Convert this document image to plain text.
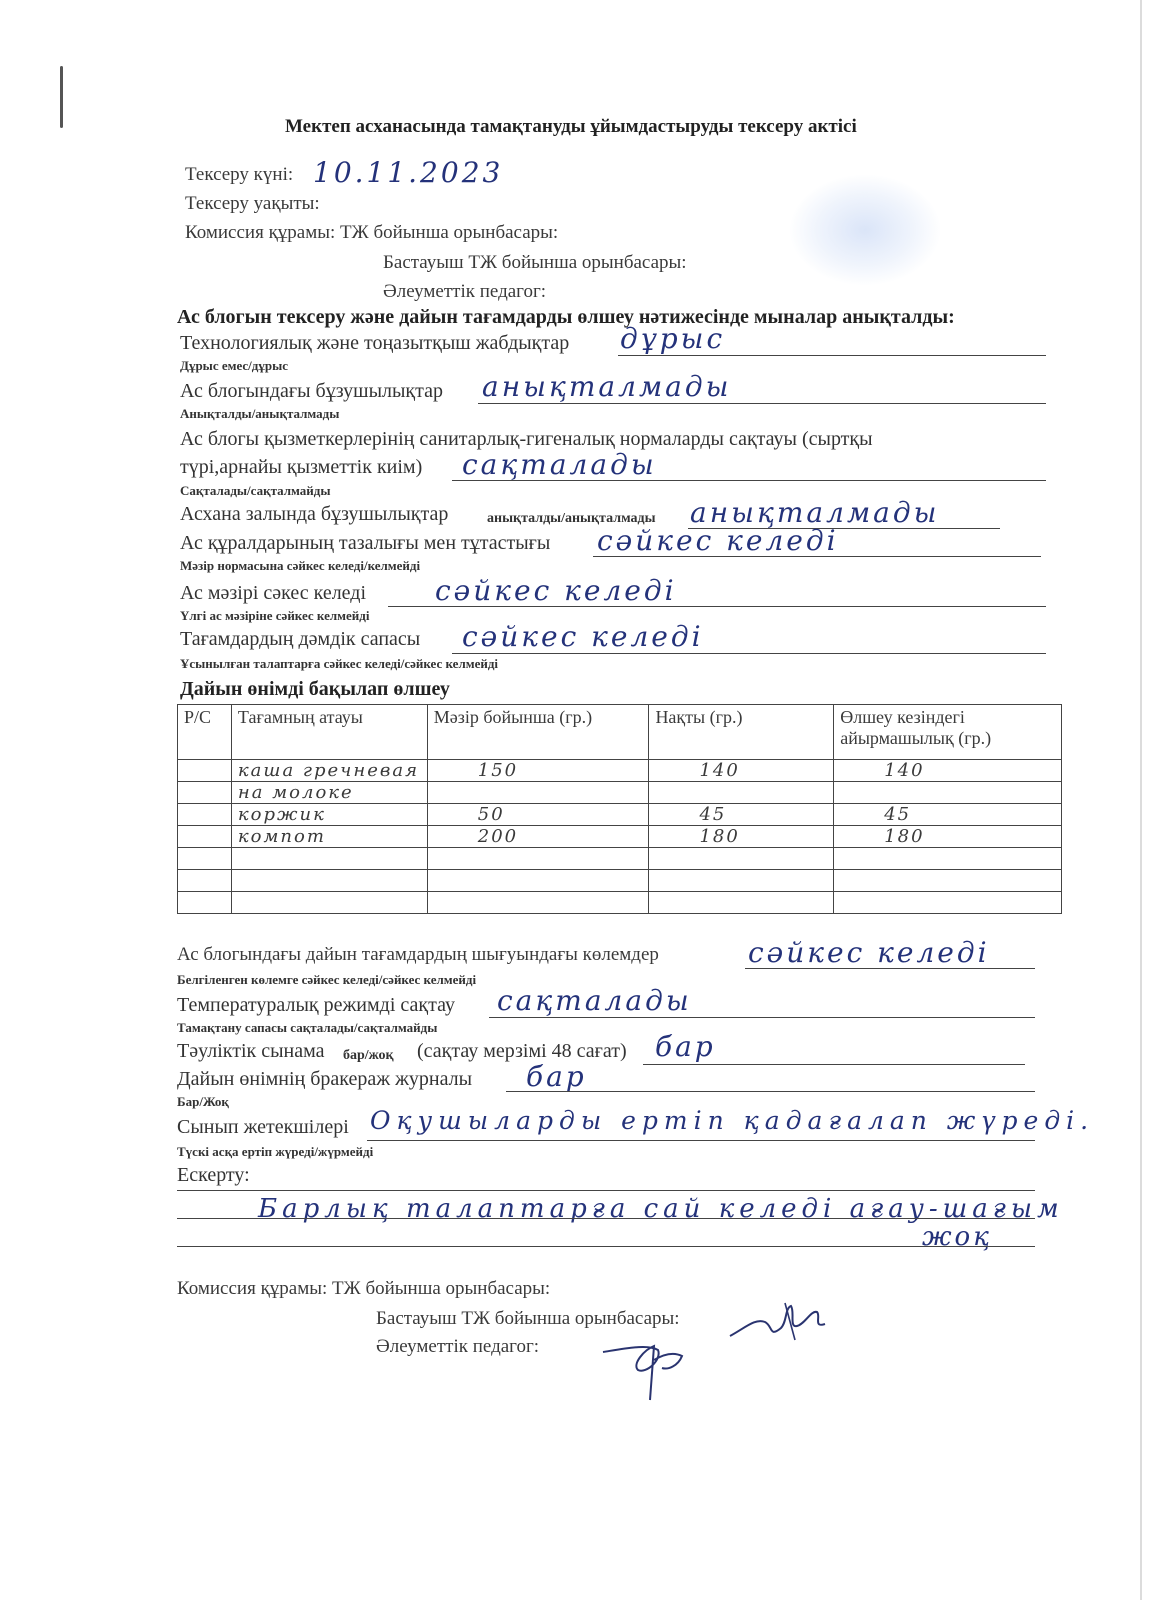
Мектеп асханасында тамақтануды ұйымдастыруды тексеру актісі
Тексеру күні: 10.11.2023
Тексеру уақыты:
Комиссия құрамы: ТЖ бойынша орынбасары:
Бастауыш ТЖ бойынша орынбасары:
Әлеуметтік педагог:
Ас блогын тексеру және дайын тағамдарды өлшеу нәтижесінде мыналар анықталды:
Технологиялық және тоңазытқыш жабдықтар дұрыс
Дұрыс емес/дұрыс
Ас блогындағы бұзушылықтар анықталмады
Анықталды/анықталмады
Ас блогы қызметкерлерінің санитарлық-гигеналық нормаларды сақтауы (сыртқы
түрі,арнайы қызметтік киім) сақталады
Сақталады/сақталмайды
Асхана залында бұзушылықтар	анықталды/анықталмады анықталмады
Ас құралдарының тазалығы мен тұтастығы сәйкес келеді
Мәзір нормасына сәйкес келеді/келмейді
Ас мәзірі сәкес келеді сәйкес келеді
Үлгі ас мәзіріне сәйкес келмейді
Тағамдардың дәмдік сапасы сәйкес келеді
Ұсынылған талаптарға сәйкес келеді/сәйкес келмейді
Дайын өнімді бақылап өлшеу
Р/С	Тағамның атауы	Мәзір бойынша (гр.)	Нақты (гр.)	Өлшеу кезіндегі айырмашылық (гр.)
	каша гречневая	150	140	140
	на молоке			
	коржик	50	45	45
	компот	200	180	180

Ас блогындағы дайын тағамдардың шығуындағы көлемдер	сәйкес келеді
Белгіленген көлемге сәйкес келеді/сәйкес келмейді
Температуралық режимді сақтау сақталады
Тамақтану сапасы сақталады/сақталмайды
Тәуліктік сынама бар/жоқ (сақтау мерзімі 48 сағат) бар
Дайын өнімнің бракераж журналы бар
Бар/Жоқ
Сынып жетекшілері Оқушыларды ертіп қадағалап жүреді.
Түскі асқа ертіп жүреді/жүрмейді
Ескерту:
Барлық талаптарға сай келеді ағау-шағым
жоқ
Комиссия құрамы: ТЖ бойынша орынбасары:
Бастауыш ТЖ бойынша орынбасары:
Әлеуметтік педагог:
